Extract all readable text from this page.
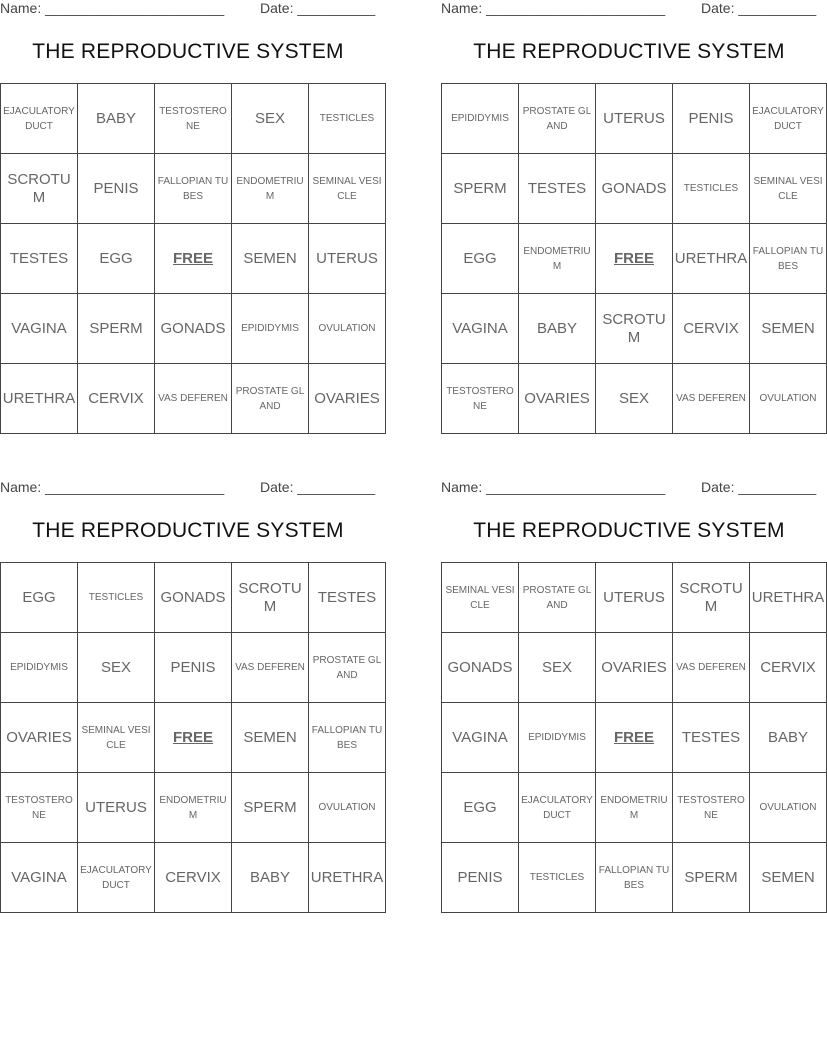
Name: _______________________	Date: __________
THE REPRODUCTIVE SYSTEM
EJACULATORY DUCT	BABY	TESTOSTERONE	SEX	TESTICLES
SCROTUM	PENIS	FALLOPIAN TUBES	ENDOMETRIUM	SEMINAL VESICLE
TESTES	EGG	FREE	SEMEN	UTERUS
VAGINA	SPERM	GONADS	EPIDIDYMIS	OVULATION
URETHRA	CERVIX	VAS DEFEREN	PROSTATE GLAND	OVARIES
Name: _______________________	Date: __________
THE REPRODUCTIVE SYSTEM
EPIDIDYMIS	PROSTATE GLAND	UTERUS	PENIS	EJACULATORY DUCT
SPERM	TESTES	GONADS	TESTICLES	SEMINAL VESICLE
EGG	ENDOMETRIUM	FREE	URETHRA	FALLOPIAN TUBES
VAGINA	BABY	SCROTUM	CERVIX	SEMEN
TESTOSTERONE	OVARIES	SEX	VAS DEFEREN	OVULATION
Name: _______________________	Date: __________
THE REPRODUCTIVE SYSTEM
EGG	TESTICLES	GONADS	SCROTUM	TESTES
EPIDIDYMIS	SEX	PENIS	VAS DEFEREN	PROSTATE GLAND
OVARIES	SEMINAL VESICLE	FREE	SEMEN	FALLOPIAN TUBES
TESTOSTERONE	UTERUS	ENDOMETRIUM	SPERM	OVULATION
VAGINA	EJACULATORY DUCT	CERVIX	BABY	URETHRA
Name: _______________________	Date: __________
THE REPRODUCTIVE SYSTEM
SEMINAL VESICLE	PROSTATE GLAND	UTERUS	SCROTUM	URETHRA
GONADS	SEX	OVARIES	VAS DEFEREN	CERVIX
VAGINA	EPIDIDYMIS	FREE	TESTES	BABY
EGG	EJACULATORY DUCT	ENDOMETRIUM	TESTOSTERONE	OVULATION
PENIS	TESTICLES	FALLOPIAN TUBES	SPERM	SEMEN
